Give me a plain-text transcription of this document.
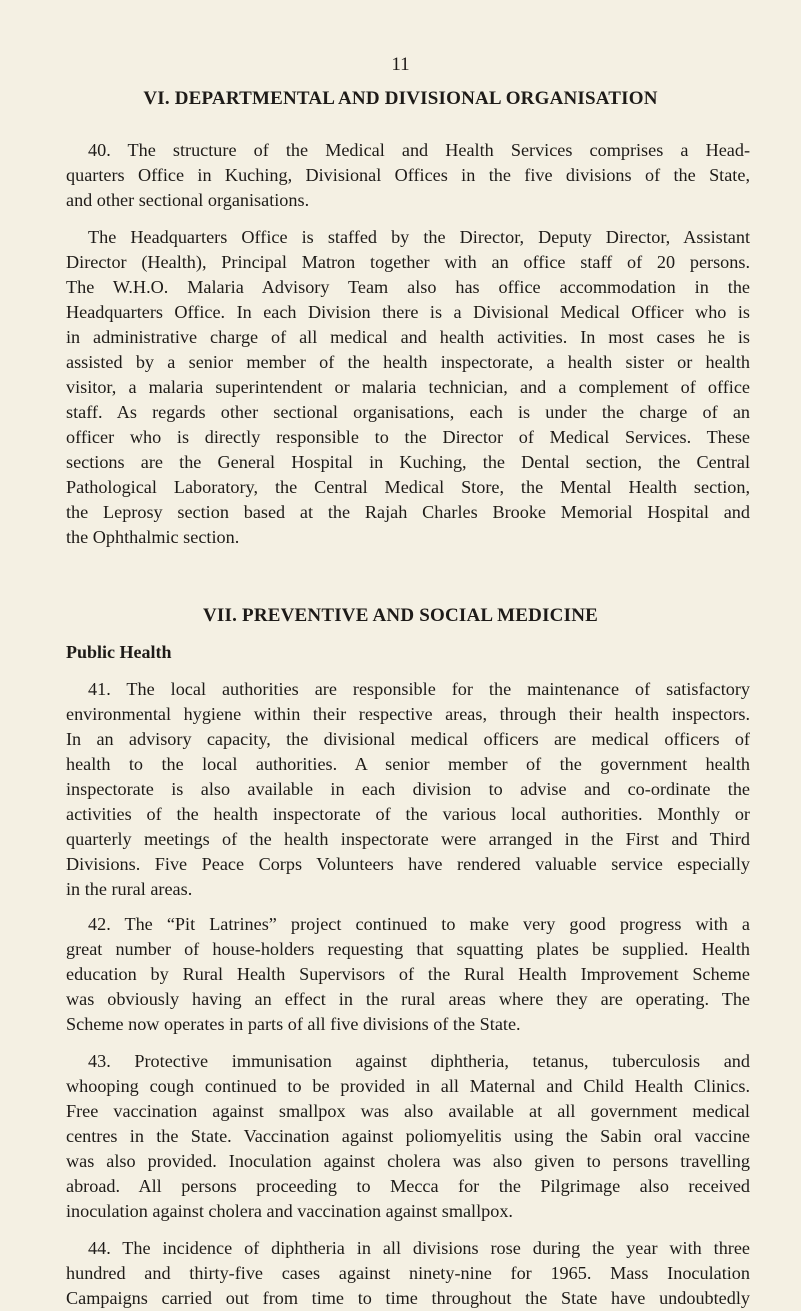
11
VI. DEPARTMENTAL AND DIVISIONAL ORGANISATION
40. The structure of the Medical and Health Services comprises a Head-
quarters Office in Kuching, Divisional Offices in the five divisions of the State,
and other sectional organisations.
The Headquarters Office is staffed by the Director, Deputy Director, Assistant
Director (Health), Principal Matron together with an office staff of 20 persons.
The W.H.O. Malaria Advisory Team also has office accommodation in the
Headquarters Office. In each Division there is a Divisional Medical Officer who is
in administrative charge of all medical and health activities. In most cases he is
assisted by a senior member of the health inspectorate, a health sister or health
visitor, a malaria superintendent or malaria technician, and a complement of office
staff. As regards other sectional organisations, each is under the charge of an
officer who is directly responsible to the Director of Medical Services. These
sections are the General Hospital in Kuching, the Dental section, the Central
Pathological Laboratory, the Central Medical Store, the Mental Health section,
the Leprosy section based at the Rajah Charles Brooke Memorial Hospital and
the Ophthalmic section.
VII. PREVENTIVE AND SOCIAL MEDICINE
Public Health
41. The local authorities are responsible for the maintenance of satisfactory
environmental hygiene within their respective areas, through their health inspectors.
In an advisory capacity, the divisional medical officers are medical officers of
health to the local authorities. A senior member of the government health
inspectorate is also available in each division to advise and co-ordinate the
activities of the health inspectorate of the various local authorities. Monthly or
quarterly meetings of the health inspectorate were arranged in the First and Third
Divisions. Five Peace Corps Volunteers have rendered valuable service especially
in the rural areas.
42. The “Pit Latrines” project continued to make very good progress with a
great number of house-holders requesting that squatting plates be supplied. Health
education by Rural Health Supervisors of the Rural Health Improvement Scheme
was obviously having an effect in the rural areas where they are operating. The
Scheme now operates in parts of all five divisions of the State.
43. Protective immunisation against diphtheria, tetanus, tuberculosis and
whooping cough continued to be provided in all Maternal and Child Health Clinics.
Free vaccination against smallpox was also available at all government medical
centres in the State. Vaccination against poliomyelitis using the Sabin oral vaccine
was also provided. Inoculation against cholera was also given to persons travelling
abroad. All persons proceeding to Mecca for the Pilgrimage also received
inoculation against cholera and vaccination against smallpox.
44. The incidence of diphtheria in all divisions rose during the year with three
hundred and thirty-five cases against ninety-nine for 1965. Mass Inoculation
Campaigns carried out from time to time throughout the State have undoubtedly
